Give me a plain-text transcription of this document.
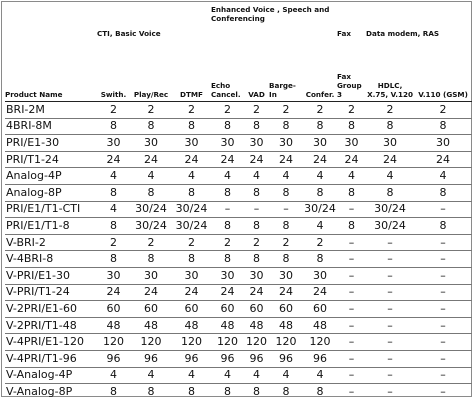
	CTI, Basic Voice			Enhanced Voice , Speech and Conferencing				Fax	Data modem, RAS	
Product Name	Swith.	Play/Rec	DTMF	Echo Cancel.	VAD	Barge-In	Confer.	Fax Group 3	HDLC, X.75, V.120	V.110 (GSM)
BRI-2M	2	2	2	2	2	2	2	2	2	2
4BRI-8M	8	8	8	8	8	8	8	8	8	8
PRI/E1-30	30	30	30	30	30	30	30	30	30	30
PRI/T1-24	24	24	24	24	24	24	24	24	24	24
Analog-4P	4	4	4	4	4	4	4	4	4	4
Analog-8P	8	8	8	8	8	8	8	8	8	8
PRI/E1/T1-CTI	4	30/24	30/24	–	–	–	30/24	–	30/24	–
PRI/E1/T1-8	8	30/24	30/24	8	8	8	4	8	30/24	8
V-BRI-2	2	2	2	2	2	2	2	–	–	–
V-4BRI-8	8	8	8	8	8	8	8	–	–	–
V-PRI/E1-30	30	30	30	30	30	30	30	–	–	–
V-PRI/T1-24	24	24	24	24	24	24	24	–	–	–
V-2PRI/E1-60	60	60	60	60	60	60	60	–	–	–
V-2PRI/T1-48	48	48	48	48	48	48	48	–	–	–
V-4PRI/E1-120	120	120	120	120	120	120	120	–	–	–
V-4PRI/T1-96	96	96	96	96	96	96	96	–	–	–
V-Analog-4P	4	4	4	4	4	4	4	–	–	–
V-Analog-8P	8	8	8	8	8	8	8	–	–	–
